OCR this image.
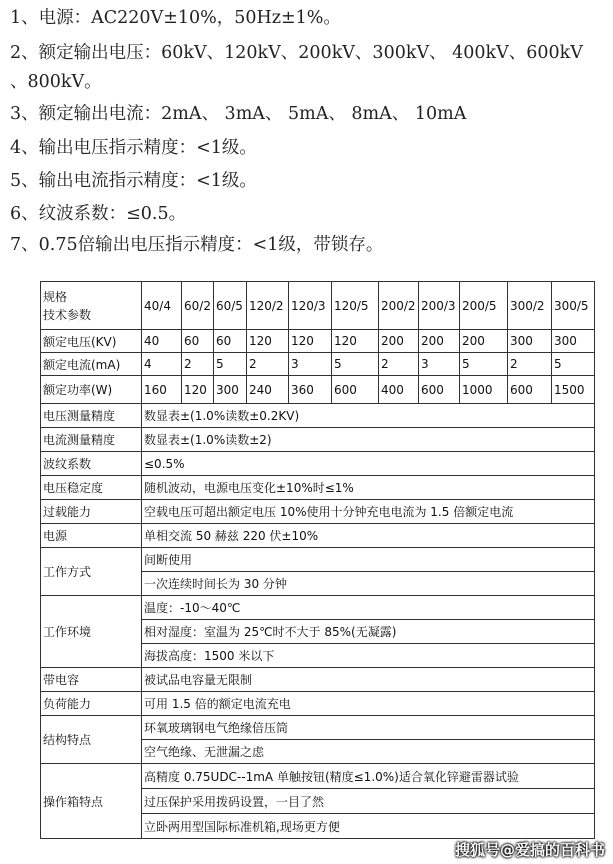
1、电源：AC220V±10%，50Hz±1%。
2、额定输出电压：60kV、120kV、200kV、300kV、 400kV、600kV
、800kV。
3、额定输出电流：2mA、 3mA、 5mA、 8mA、 10mA
4、输出电压指示精度：<1级。
5、输出电流指示精度：<1级。
6、纹波系数：≤0.5。
7、0.75倍输出电压指示精度：<1级，带锁存。
规格
技术参数	40/4	60/2	60/5	120/2	120/3	120/5	200/2	200/3	200/5	300/2	300/5
额定电压(KV)	40	60	60	120	120	120	200	200	200	300	300
额定电流(mA)	4	2	5	2	3	5	2	3	5	2	5
额定功率(W)	160	120	300	240	360	600	400	600	1000	600	1500
电压测量精度	数显表±(1.0%读数±0.2KV)										
电流测量精度	数显表±(1.0%读数±2)										
波纹系数	≤0.5%										
电压稳定度	随机波动，电源电压变化±10%时≤1%										
过载能力	空载电压可超出额定电压 10%使用十分钟充电电流为 1.5 倍额定电流										
电源	单相交流 50 赫兹 220 伏±10%										
工作方式	间断使用										
	一次连续时间长为 30 分钟										
工作环境	温度：-10～40℃										
	相对湿度：室温为 25℃时不大于 85%(无凝露)										
	海拔高度：1500 米以下										
带电容	被试品电容量无限制										
负荷能力	可用 1.5 倍的额定电流充电										
结构特点	环氧玻璃钢电气绝缘倍压筒										
	空气绝缘、无泄漏之虑										
操作箱特点	高精度 0.75UDC--1mA 单触按钮(精度≤1.0%)适合氧化锌避雷器试验										
	过压保护采用拨码设置，一目了然										
	立卧两用型国际标准机箱,现场更方便										
搜狐号@爱搞的百科书
